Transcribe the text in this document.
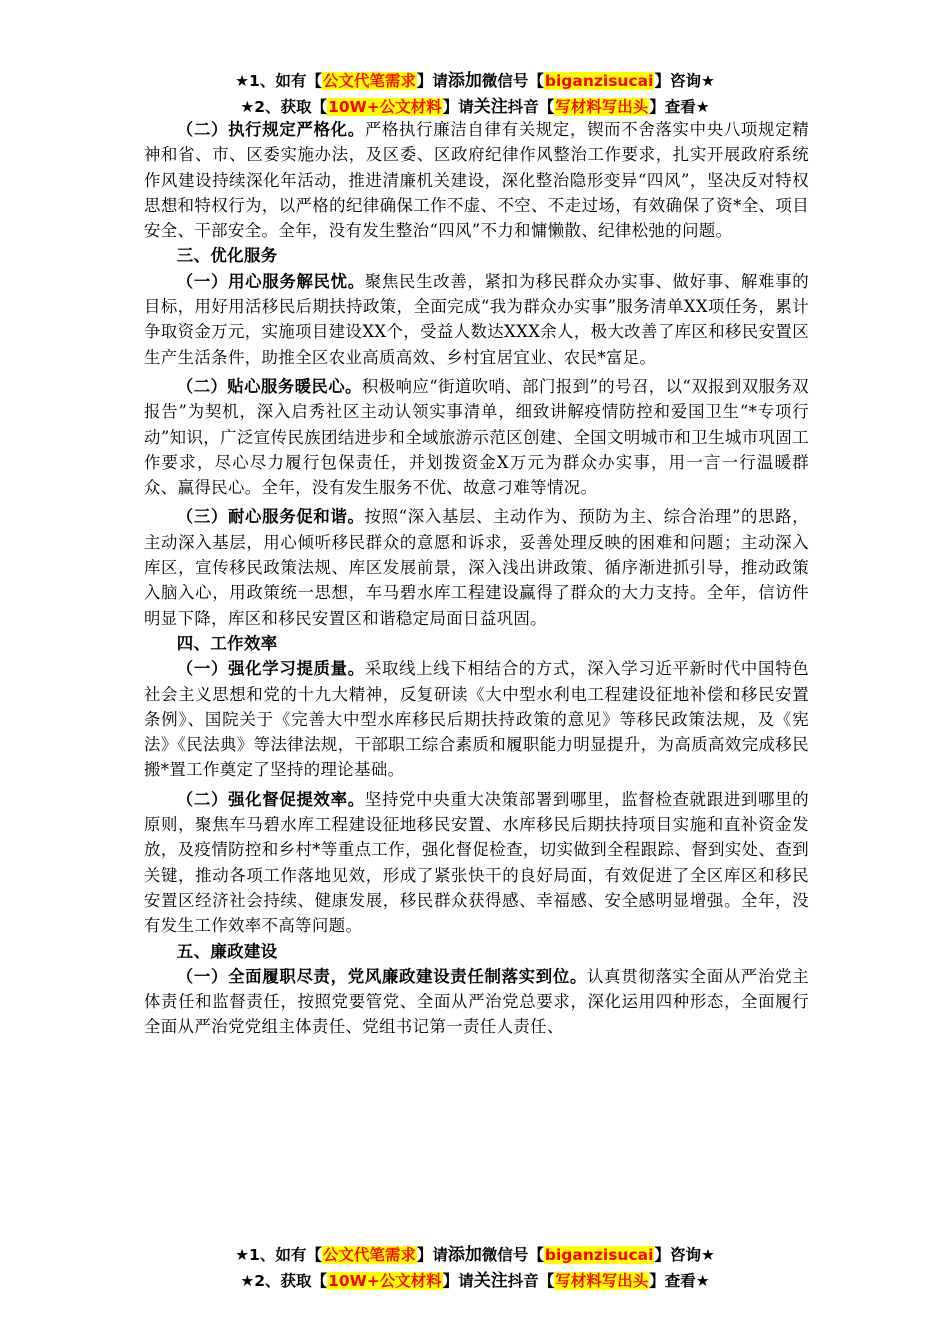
★1、如有【公文代笔需求】请添加微信号【biganzisucai】咨询★
★2、获取【10W+公文材料】请关注抖音【写材料写出头】查看★

（二）执行规定严格化。严格执行廉洁自律有关规定，锲而不舍落实中央八项规定精神和省、市、区委实施办法，及区委、区政府纪律作风整治工作要求，扎实开展政府系统作风建设持续深化年活动，推进清廉机关建设，深化整治隐形变异“四风”，坚决反对特权思想和特权行为，以严格的纪律确保工作不虚、不空、不走过场，有效确保了资*全、项目安全、干部安全。全年，没有发生整治“四风”不力和慵懒散、纪律松弛的问题。

三、优化服务

（一）用心服务解民忧。聚焦民生改善，紧扣为移民群众办实事、做好事、解难事的目标，用好用活移民后期扶持政策，全面完成“我为群众办实事”服务清单XX项任务，累计争取资金万元，实施项目建设XX个，受益人数达XXX余人，极大改善了库区和移民安置区生产生活条件，助推全区农业高质高效、乡村宜居宜业、农民*富足。

（二）贴心服务暖民心。积极响应“街道吹哨、部门报到”的号召，以“双报到双服务双报告”为契机，深入启秀社区主动认领实事清单，细致讲解疫情防控和爱国卫生“*专项行动”知识，广泛宣传民族团结进步和全域旅游示范区创建、全国文明城市和卫生城市巩固工作要求，尽心尽力履行包保责任，并划拨资金X万元为群众办实事，用一言一行温暖群众、赢得民心。全年，没有发生服务不优、故意刁难等情况。

（三）耐心服务促和谐。按照“深入基层、主动作为、预防为主、综合治理”的思路，主动深入基层，用心倾听移民群众的意愿和诉求，妥善处理反映的困难和问题；主动深入库区，宣传移民政策法规、库区发展前景，深入浅出讲政策、循序渐进抓引导，推动政策入脑入心，用政策统一思想，车马碧水库工程建设赢得了群众的大力支持。全年，信访件明显下降，库区和移民安置区和谐稳定局面日益巩固。

四、工作效率

（一）强化学习提质量。采取线上线下相结合的方式，深入学习近平新时代中国特色社会主义思想和党的十九大精神，反复研读《大中型水利电工程建设征地补偿和移民安置条例》、国院关于《完善大中型水库移民后期扶持政策的意见》等移民政策法规，及《宪法》《民法典》等法律法规，干部职工综合素质和履职能力明显提升，为高质高效完成移民搬*置工作奠定了坚持的理论基础。

（二）强化督促提效率。坚持党中央重大决策部署到哪里，监督检查就跟进到哪里的原则，聚焦车马碧水库工程建设征地移民安置、水库移民后期扶持项目实施和直补资金发放，及疫情防控和乡村*等重点工作，强化督促检查，切实做到全程跟踪、督到实处、查到关键，推动各项工作落地见效，形成了紧张快干的良好局面，有效促进了全区库区和移民安置区经济社会持续、健康发展，移民群众获得感、幸福感、安全感明显增强。全年，没有发生工作效率不高等问题。

五、廉政建设

（一）全面履职尽责，党风廉政建设责任制落实到位。认真贯彻落实全面从严治党主体责任和监督责任，按照党要管党、全面从严治党总要求，深化运用四种形态，全面履行全面从严治党党组主体责任、党组书记第一责任人责任、

★1、如有【公文代笔需求】请添加微信号【biganzisucai】咨询★
★2、获取【10W+公文材料】请关注抖音【写材料写出头】查看★
